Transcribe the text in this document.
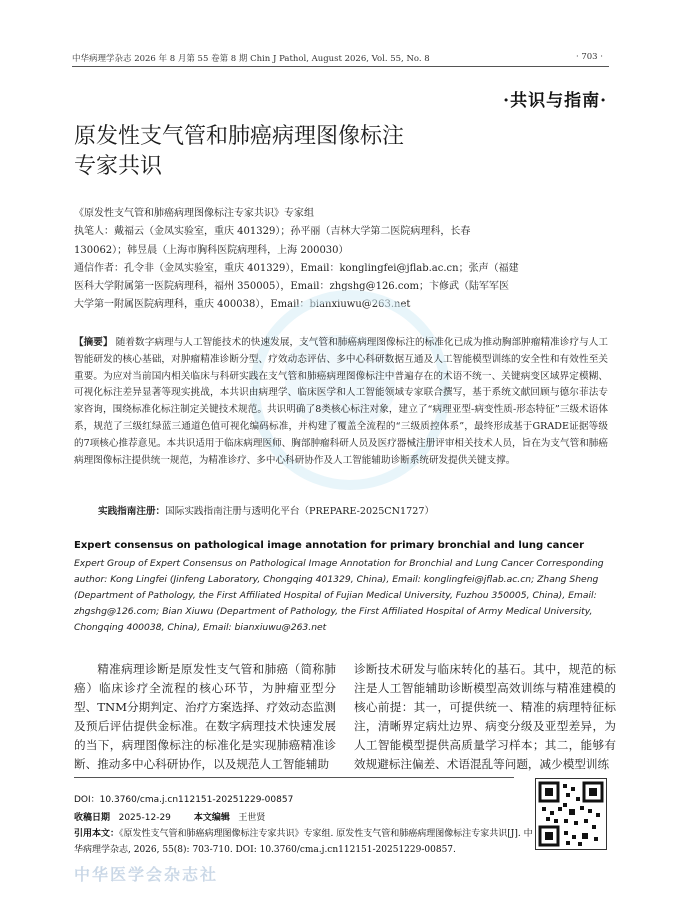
中华病理学杂志 2026 年 8 月第 55 卷第 8 期 Chin J Pathol, August 2026, Vol. 55, No. 8	· 703 ·
·共识与指南·
原发性支气管和肺癌病理图像标注
专家共识
《原发性支气管和肺癌病理图像标注专家共识》专家组
执笔人：戴福云（金凤实验室，重庆 401329）；孙平丽（吉林大学第二医院病理科，长春
130062）；韩昱晨（上海市胸科医院病理科，上海 200030）
通信作者：孔令非（金凤实验室，重庆 401329），Email：konglingfei@jflab.ac.cn；张声（福建
医科大学附属第一医院病理科，福州 350005），Email：zhgshg@126.com；卞修武（陆军军医
大学第一附属医院病理科，重庆 400038），Email：bianxiuwu@263.net
【摘要】 随着数字病理与人工智能技术的快速发展，支气管和肺癌病理图像标注的标准化已成为推动胸部肿瘤精准诊疗与人工智能研发的核心基础，对肿瘤精准诊断分型、疗效动态评估、多中心科研数据互通及人工智能模型训练的安全性和有效性至关重要。为应对当前国内相关临床与科研实践在支气管和肺癌病理图像标注中普遍存在的术语不统一、关键病变区域界定模糊、可视化标注差异显著等现实挑战，本共识由病理学、临床医学和人工智能领域专家联合撰写，基于系统文献回顾与德尔菲法专家咨询，围绕标准化标注制定关键技术规范。共识明确了8类核心标注对象，建立了“病理亚型-病变性质-形态特征”三级术语体系，规范了三级红绿蓝三通道色值可视化编码标准，并构建了覆盖全流程的“三级质控体系”，最终形成基于GRADE证据等级的7项核心推荐意见。本共识适用于临床病理医师、胸部肿瘤科研人员及医疗器械注册评审相关技术人员，旨在为支气管和肺癌病理图像标注提供统一规范，为精准诊疗、多中心科研协作及人工智能辅助诊断系统研发提供关键支撑。
实践指南注册：国际实践指南注册与透明化平台（PREPARE-2025CN1727）
Expert consensus on pathological image annotation for primary bronchial and lung cancer
Expert Group of Expert Consensus on Pathological Image Annotation for Bronchial and Lung Cancer Corresponding author: Kong Lingfei (Jinfeng Laboratory, Chongqing 401329, China), Email: konglingfei@jflab.ac.cn; Zhang Sheng (Department of Pathology, the First Affiliated Hospital of Fujian Medical University, Fuzhou 350005, China), Email: zhgshg@126.com; Bian Xiuwu (Department of Pathology, the First Affiliated Hospital of Army Medical University, Chongqing 400038, China), Email: bianxiuwu@263.net
精准病理诊断是原发性支气管和肺癌（简称肺癌）临床诊疗全流程的核心环节，为肿瘤亚型分型、TNM分期判定、治疗方案选择、疗效动态监测及预后评估提供金标准。在数字病理技术快速发展的当下，病理图像标注的标准化是实现肺癌精准诊断、推动多中心科研协作，以及规范人工智能辅助
诊断技术研发与临床转化的基石。其中，规范的标注是人工智能辅助诊断模型高效训练与精准建模的核心前提：其一，可提供统一、精准的病理特征标注，清晰界定病灶边界、病变分级及亚型差异，为人工智能模型提供高质量学习样本；其二，能够有效规避标注偏差、术语混乱等问题，减少模型训练
DOI：10.3760/cma.j.cn112151-20251229-00857
收稿日期 2025-12-29	本文编辑 王世贤
引用本文：《原发性支气管和肺癌病理图像标注专家共识》专家组. 原发性支气管和肺癌病理图像标注专家共识[J]. 中华病理学杂志, 2026, 55(8): 703-710. DOI: 10.3760/cma.j.cn112151-20251229-00857.
中华医学会杂志社
